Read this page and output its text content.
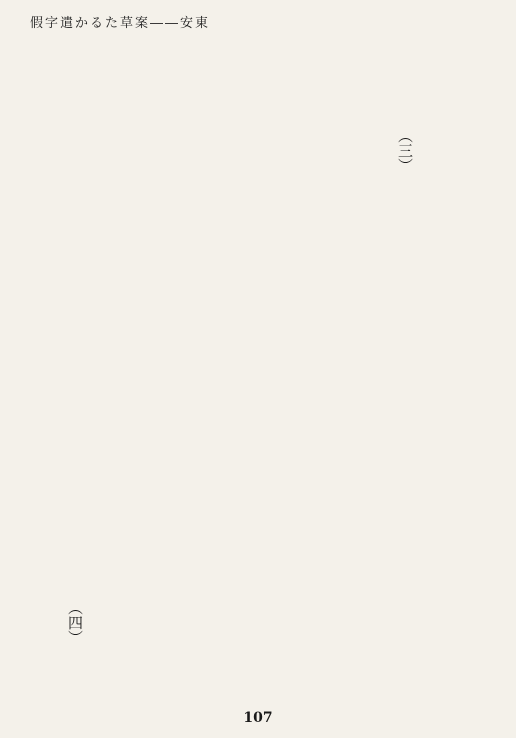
假字遣かるた草案――安東
（三）
（四）
107
